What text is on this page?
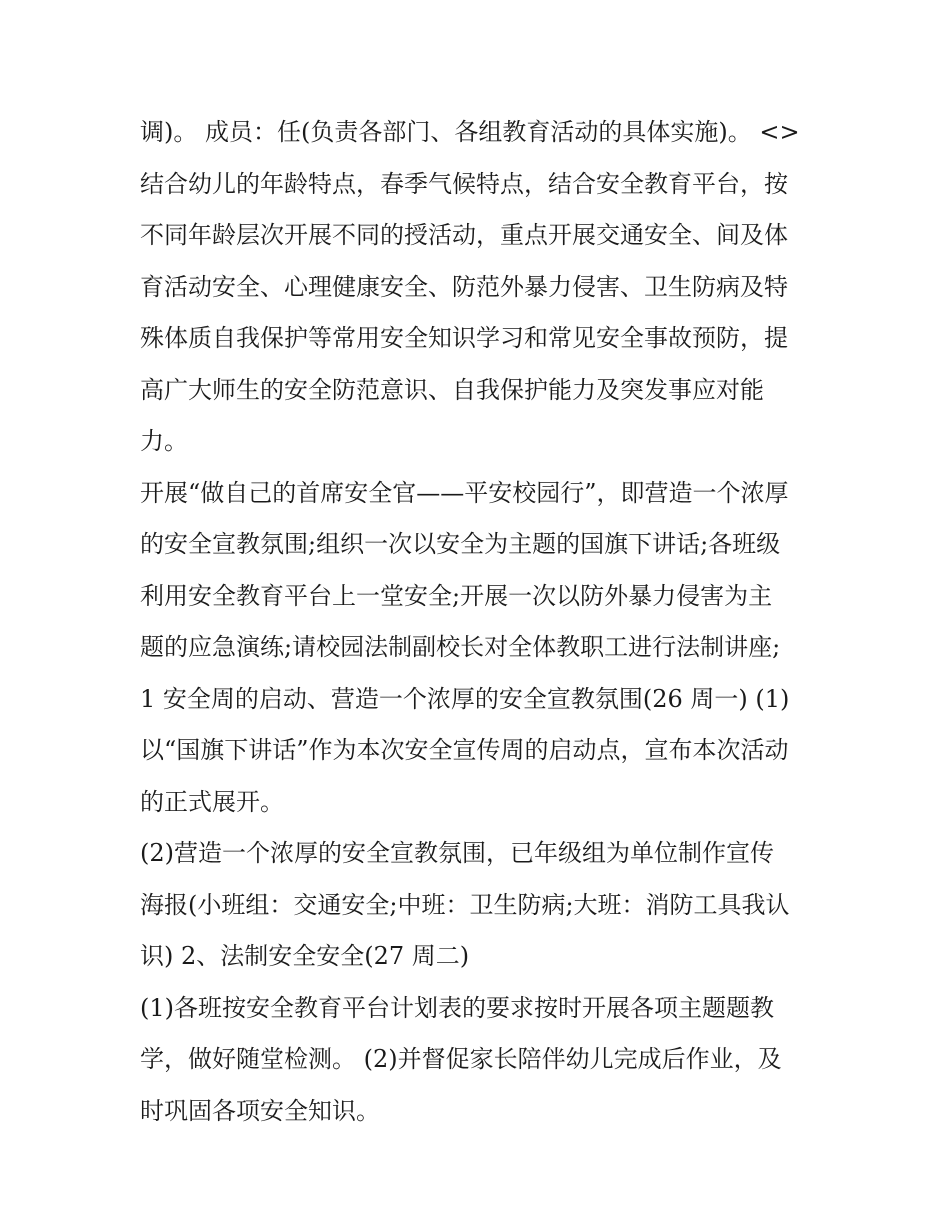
调)。 成员：任(负责各部门、各组教育活动的具体实施)。 <>
结合幼儿的年龄特点，春季气候特点，结合安全教育平台，按
不同年龄层次开展不同的授活动，重点开展交通安全、间及体
育活动安全、心理健康安全、防范外暴力侵害、卫生防病及特
殊体质自我保护等常用安全知识学习和常见安全事故预防，提
高广大师生的安全防范意识、自我保护能力及突发事应对能
力。
开展“做自己的首席安全官——平安校园行”，即营造一个浓厚
的安全宣教氛围;组织一次以安全为主题的国旗下讲话;各班级
利用安全教育平台上一堂安全;开展一次以防外暴力侵害为主
题的应急演练;请校园法制副校长对全体教职工进行法制讲座;
1 安全周的启动、营造一个浓厚的安全宣教氛围(26 周一) (1)
以“国旗下讲话”作为本次安全宣传周的启动点，宣布本次活动
的正式展开。
(2)营造一个浓厚的安全宣教氛围，已年级组为单位制作宣传
海报(小班组：交通安全;中班：卫生防病;大班：消防工具我认
识) 2、法制安全安全(27 周二)
(1)各班按安全教育平台计划表的要求按时开展各项主题题教
学，做好随堂检测。 (2)并督促家长陪伴幼儿完成后作业，及
时巩固各项安全知识。
